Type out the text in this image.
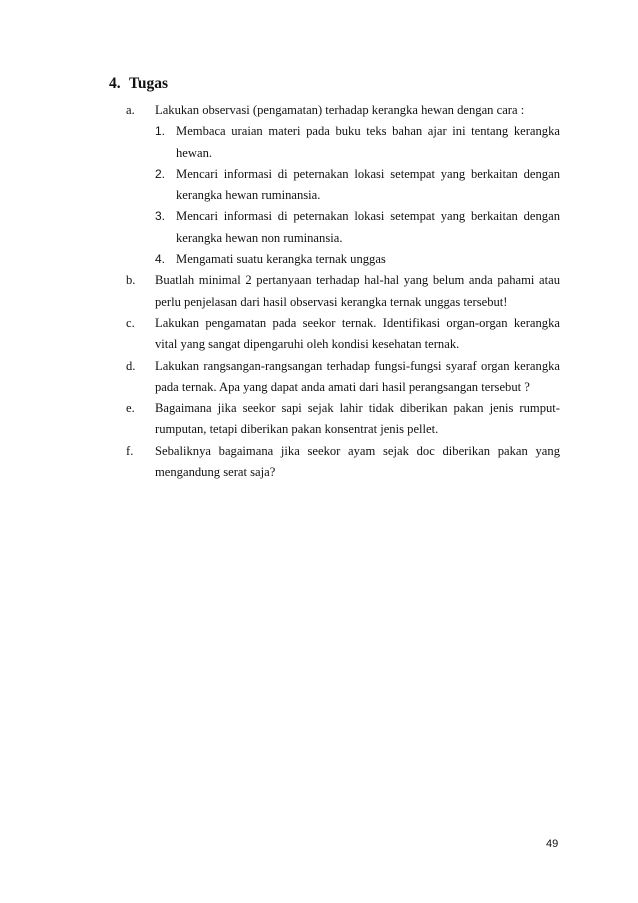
4. Tugas
a.	Lakukan observasi (pengamatan) terhadap kerangka hewan dengan cara :
1. Membaca uraian materi pada buku teks bahan ajar ini tentang kerangka hewan.
2. Mencari informasi di peternakan lokasi setempat yang berkaitan dengan kerangka hewan ruminansia.
3. Mencari informasi di peternakan lokasi setempat yang berkaitan dengan kerangka hewan non ruminansia.
4. Mengamati suatu kerangka ternak unggas
b.	Buatlah minimal 2 pertanyaan terhadap hal-hal yang belum anda pahami atau perlu penjelasan dari hasil observasi kerangka ternak unggas tersebut!
c.	Lakukan pengamatan pada seekor ternak. Identifikasi organ-organ kerangka vital yang sangat dipengaruhi oleh kondisi kesehatan ternak.
d.	Lakukan rangsangan-rangsangan terhadap fungsi-fungsi syaraf organ kerangka pada ternak. Apa yang dapat anda amati dari hasil perangsangan tersebut ?
e.	Bagaimana jika seekor sapi sejak lahir tidak diberikan pakan jenis rumput-rumputan, tetapi diberikan pakan konsentrat jenis pellet.
f.	Sebaliknya bagaimana jika seekor ayam sejak doc diberikan pakan yang mengandung serat saja?
49
